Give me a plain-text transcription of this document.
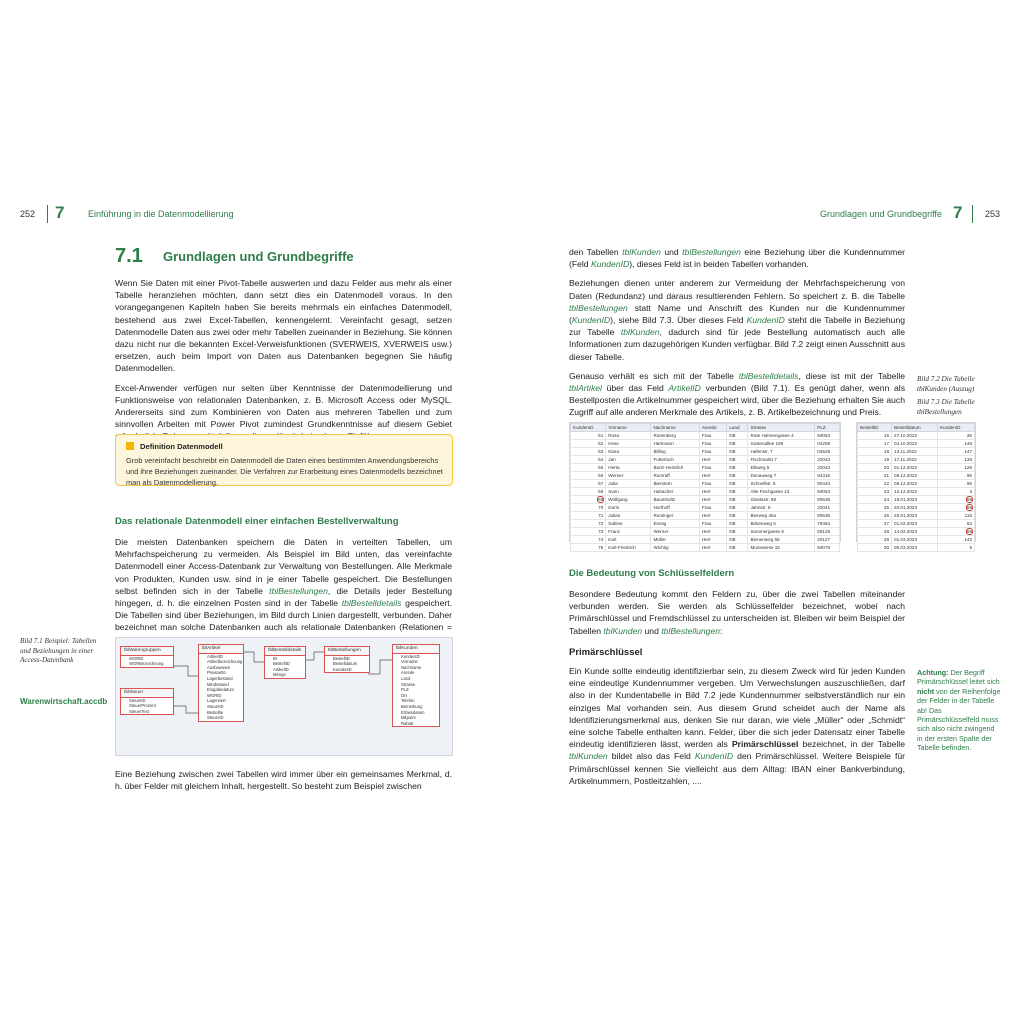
252 7	Einführung in die Datenmodellierung
7.1 Grundlagen und Grundbegriffe

Wenn Sie Daten mit einer Pivot-Tabelle auswerten und dazu Felder aus mehr als einer Tabelle heranziehen möchten, dann setzt dies ein Datenmodell voraus. In den vorangegangenen Kapiteln haben Sie bereits mehrmals ein einfaches Datenmodell, bestehend aus zwei Excel-Tabellen, kennengelernt. Vereinfacht gesagt, setzen Datenmodelle Daten aus zwei oder mehr Tabellen zueinander in Beziehung. Sie können dazu nicht nur die bekannten Excel-Verweisfunktionen (SVERWEIS, XVERWEIS usw.) ersetzen, auch beim Import von Daten aus Datenbanken begegnen Sie häufig Datenmodellen.

Excel-Anwender verfügen nur selten über Kenntnisse der Datenmodellierung und Funktionsweise von relationalen Datenbanken, z. B. Microsoft Access oder MySQL. Andererseits sind zum Kombinieren von Daten aus mehreren Tabellen und zum sinnvollen Arbeiten mit Power Pivot zumindest Grundkenntnisse auf diesem Gebiet

Definition Datenmodell
Grob vereinfacht beschreibt ein Datenmodell die Daten eines bestimmten Anwendungsbereichs und ihre Beziehungen zueinander. Die Verfahren zur Erarbeitung eines Datenmodells bezeichnet man als Datenmodellierung.
Das relationale Datenmodell einer einfachen Bestellverwaltung

Die meisten Datenbanken speichern die Daten in verteilten Tabellen, um Mehrfachspeicherung zu vermeiden. Als Beispiel im Bild unten, das vereinfachte Datenmodell einer Access-Datenbank zur Verwaltung von Bestellungen. Alle Merkmale von Produkten, Kunden usw. sind in je einer Tabelle gespeichert. Die Bestellungen selbst befinden sich in der Tabelle tblBestellungen, die Details jeder Bestellung hingegen, d. h. die einzelnen Posten sind in der Tabelle tblBestelldetails gespeichert. Die Tabellen sind über Beziehungen, im Bild durch Linien dargestellt, verbunden. Daher bezeichnet man solche Datenbanken auch als relationale Datenbanken (Relationen =

Bild 7.1 Beispiel: Tabellen und Beziehungen in einer Access-Datenbank
Warenwirtschaft.accdb
tblWarengruppen
WGRID
WGRBezeichnung
tblSteuer
SteuerID
SteuerProzent
SteuerText
tblArtikel
ArtikelID
Artikelbezeichnung
Ausbauware
Preisnetto
Lagerbestand
Mindestand
Eingabedatum
WGRID
Lagerwert
SteuerID
Bestellte
SteuerID
tblBestelldetails
ID
BestellID
ArtikelID
Menge
tblBestellungen
BestellID
Bestelldatum
KundenID
tblKunden
KundenID
Vorname
Nachname
Anrede
Land
Strasse
PLZ
Ort
Telefon
Bemerkung
Erfassdatum
Mitpoint
Rabatt

Eine Beziehung zwischen zwei Tabellen wird immer über ein gemeinsames Merkmal, d. h. über Felder mit gleichem Inhalt, hergestellt. So besteht zum Beispiel zwischen

Grundlagen und Grundbegriffe 7	253

den Tabellen tblKunden und tblBestellungen eine Beziehung über die Kundennummer (Feld KundenID), dieses Feld ist in beiden Tabellen vorhanden.

Beziehungen dienen unter anderem zur Vermeidung der Mehrfachspeicherung von Daten (Redundanz) und daraus resultierenden Fehlern. So speichert z. B. die Tabelle tblBestellungen statt Name und Anschrift des Kunden nur die Kundennummer (KundenID), siehe Bild 7.3. Über dieses Feld KundenID steht die Tabelle in Beziehung zur Tabelle tblKunden, dadurch sind für jede Bestellung automatisch auch alle Informationen zum dazugehörigen Kunden verfügbar. Bild 7.2 zeigt einen Ausschnitt aus dieser Tabelle.

Genauso verhält es sich mit der Tabelle tblBestelldetails, diese ist mit der Tabelle tblArtikel über das Feld ArtikelID verbunden (Bild 7.1). Es genügt daher, wenn als Bestellposten die Artikelnummer gespeichert wird, über die Beziehung erhalten Sie auch Zugriff auf alle anderen Merkmale des Artikels, z. B. Artikelbezeichnung und Preis.

Bild 7.2 Die Tabelle tblKunden (Auszug)
Bild 7.3 Die Tabelle tblBestellungen
KundenID	Vorname	Nachname	Anrede	Land	Strasse	PLZ
61	Rosa	Rosenberg	Frau	DE	Rote Hahnengasse 4	94053
62	Irene	Hartmann	Frau	DE	Gartenallee 199	04259
63	Klara	Billing	Frau	DE	Hafenstr. 7	04529
64	Jan	Futterloch	Herr	DE	Fischmarkt 7	22043
65	Herta	Bartz-Heimlich	Frau	DE	Elbweg 5	22043
66	Werner	Rumraff	Herr	DE	Donauweg 7	94315
67	Julia	Bierstern	Frau	DE	Schnellstr. 6	90443
68	Sven	Hubacher	Herr	DE	Alte Fischgasse 13	94053
69	Wolfgang	Baumholtz	Herr	DE	Giselastr. 88	80638
70	Doris	Northoff	Frau	DE	Jahnstr. 9	22041
71	Julian	Runtinger	Herr	DE	Bierweg 40a	80636
72	Sabine	Emsig	Frau	DE	Birkenweg 6	78464
73	Franz	Werner	Herr	DE	Sommergasse 6	55129
74	Karl	Müller	Herr	DE	Bienenweg 55	20127
75	Karl-Friedrich	Wichtig	Herr	DE	Mooswiese 10	94078
BestellID	Bestelldatum	KundenID
16	27.10.2022	25
17	04.10.2022	146
18	13.11.2022	147
19	17.11.2022	138
20	01.12.2022	126
21	08.12.2022	96
22	08.12.2022	98
23	12.12.2022	3
24	19.01.2023	69
25	20.01.2023	69
26	25.01.2023	115
27	01.02.2023	63
28	14.02.2023	69
29	01.03.2023	142
30	05.03.2023	5
Die Bedeutung von Schlüsselfeldern

Besondere Bedeutung kommt den Feldern zu, über die zwei Tabellen miteinander verbunden werden. Sie werden als Schlüsselfelder bezeichnet, wobei nach Primärschlüssel und Fremdschlüssel zu unterscheiden ist. Bleiben wir beim Beispiel der Tabellen tblKunden und tblBestellungen:

Primärschlüssel

Ein Kunde sollte eindeutig identifizierbar sein, zu diesem Zweck wird für jeden Kunden eine eindeutige Kundennummer vergeben. Um Verwechslungen auszuschließen, darf also in der Kundentabelle in Bild 7.2 jede Kundennummer selbstverständlich nur ein einziges Mal vorhanden sein. Aus diesem Grund scheidet auch der Name als Identifizierungsmerkmal aus, denken Sie nur daran, wie viele „Müller“ oder „Schmidt“ eine solche Tabelle enthalten kann. Felder, über die sich jeder Datensatz einer Tabelle eindeutig identifizieren lässt, werden als Primärschlüssel bezeichnet, in der Tabelle tblKunden bildet also das Feld KundenID den Primärschlüssel. Weitere Beispiele für Primärschlüssel kennen Sie vielleicht aus dem Alltag: IBAN einer Bankverbindung, Artikelnummern, Postleitzahlen, ....

Achtung: Der Begriff Primärschlüssel leitet sich nicht von der Reihenfolge der Felder in der Tabelle ab! Das Primärschlüsselfeld muss sich also nicht zwingend in der ersten Spalte der Tabelle befinden.
